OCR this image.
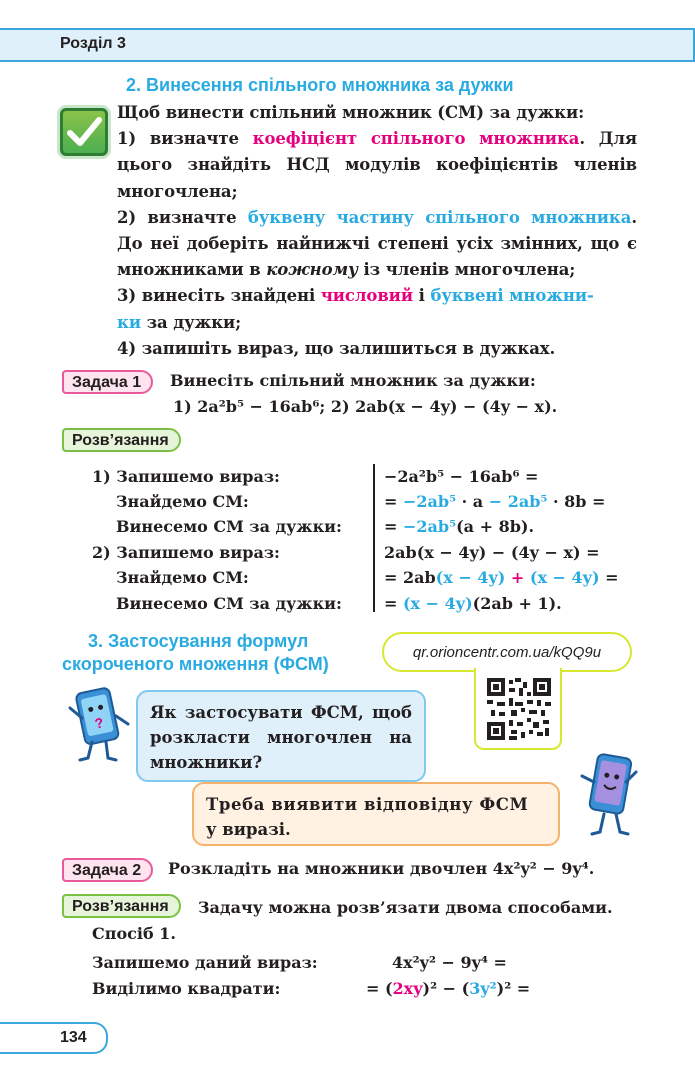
Розділ 3
2. Винесення спільного множника за дужки
Щоб винести спільний множник (СМ) за дужки:
1) визначте коефіцієнт спільного множника. Для цього знайдіть НСД модулів коефіцієнтів членів многочлена;
2) визначте буквену частину спільного множника. До неї доберіть найнижчі степені усіх змінних, що є множниками в кожному із членів многочлена;
3) винесіть знайдені числовий і буквені множни-
ки за дужки;
4) запишіть вираз, що залишиться в дужках.
Задача 1	Винесіть спільний множник за дужки:
1) 2a²b⁵ − 16ab⁶; 2) 2ab(x − 4y) − (4y − x).
Розв’язання
1) Запишемо вираз:	−2a²b⁵ − 16ab⁶ =
Знайдемо СМ:	= −2ab⁵ · a − 2ab⁵ · 8b =
Винесемо СМ за дужки:	= −2ab⁵(a + 8b).
2) Запишемо вираз:	2ab(x − 4y) − (4y − x) =
Знайдемо СМ:	= 2ab(x − 4y) + (x − 4y) =
Винесемо СМ за дужки:	= (x − 4y)(2ab + 1).
3. Застосування формул
скороченого множення (ФСМ)
qr.orioncentr.com.ua/kQQ9u
?
Як застосувати ФСМ, щоб розкласти многочлен на множники?
Треба виявити відповідну ФСМ
у виразі.
Задача 2	Розкладіть на множники двочлен 4x²y² − 9y⁴.
Розв’язання	Задачу можна розв’язати двома способами.
Спосіб 1.
Запишемо даний вираз:	4x²y² − 9y⁴ =
Виділимо квадрати:	= (2xy)² − (3y²)² =
134
